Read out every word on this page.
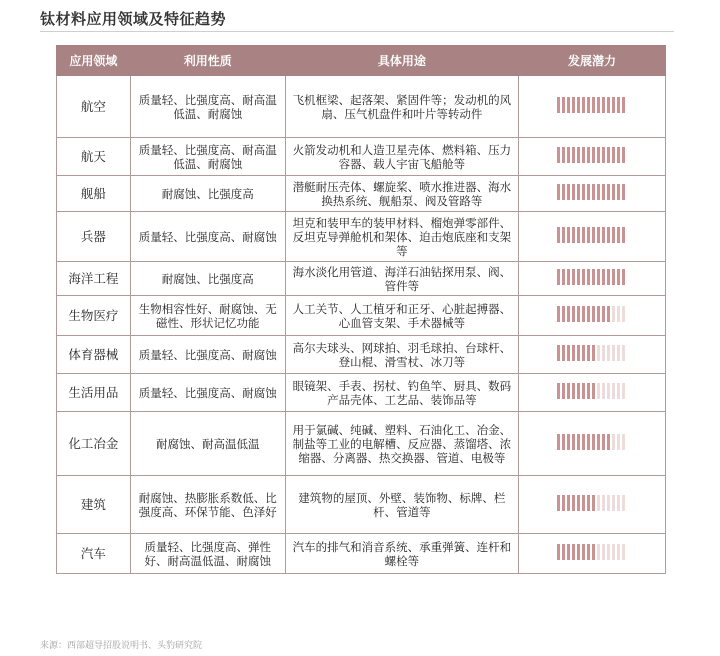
钛材料应用领域及特征趋势
应用领域	利用性质	具体用途	发展潜力
航空	质量轻、比强度高、耐高温低温、耐腐蚀	飞机框梁、起落架、紧固件等；发动机的风扇、压气机盘件和叶片等转动件	

航天	质量轻、比强度高、耐高温低温、耐腐蚀	火箭发动机和人造卫星壳体、燃料箱、压力容器、载人宇宙飞船舱等	

舰船	耐腐蚀、比强度高	潜艇耐压壳体、螺旋桨、喷水推进器、海水换热系统、舰船泵、阀及管路等	

兵器	质量轻、比强度高、耐腐蚀	坦克和装甲车的装甲材料、榴炮弹零部件、反坦克导弹舱机和架体、迫击炮底座和支架等	

海洋工程	耐腐蚀、比强度高	海水淡化用管道、海洋石油钻探用泵、阀、管件等	

生物医疗	生物相容性好、耐腐蚀、无磁性、形状记忆功能	人工关节、人工植牙和正牙、心脏起搏器、心血管支架、手术器械等	

体育器械	质量轻、比强度高、耐腐蚀	高尔夫球头、网球拍、羽毛球拍、台球杆、登山棍、滑雪杖、冰刀等	

生活用品	质量轻、比强度高、耐腐蚀	眼镜架、手表、拐杖、钓鱼竿、厨具、数码产品壳体、工艺品、装饰品等	

化工冶金	耐腐蚀、耐高温低温	用于氯碱、纯碱、塑料、石油化工、冶金、制盐等工业的电解槽、反应器、蒸馏塔、浓缩器、分离器、热交换器、管道、电极等	

建筑	耐腐蚀、热膨胀系数低、比强度高、环保节能、色泽好	建筑物的屋顶、外壁、装饰物、标牌、栏杆、管道等	

汽车	质量轻、比强度高、弹性好、耐高温低温、耐腐蚀	汽车的排气和消音系统、承重弹簧、连杆和螺栓等	
来源：西部超导招股说明书、头豹研究院
